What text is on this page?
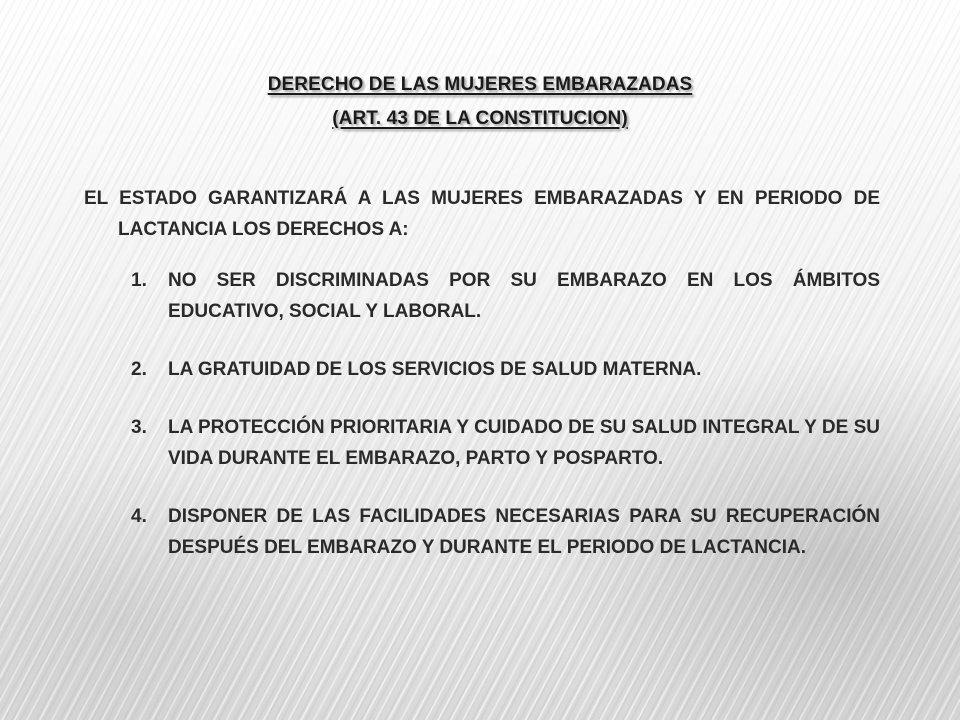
DERECHO DE LAS MUJERES EMBARAZADAS
(ART. 43 DE LA CONSTITUCION)

EL ESTADO GARANTIZARÁ A LAS MUJERES EMBARAZADAS Y EN PERIODO DE LACTANCIA LOS DERECHOS A:

1. NO SER DISCRIMINADAS POR SU EMBARAZO EN LOS ÁMBITOS EDUCATIVO, SOCIAL Y LABORAL.
2. LA GRATUIDAD DE LOS SERVICIOS DE SALUD MATERNA.
3. LA PROTECCIÓN PRIORITARIA Y CUIDADO DE SU SALUD INTEGRAL Y DE SU VIDA DURANTE EL EMBARAZO, PARTO Y POSPARTO.
4. DISPONER DE LAS FACILIDADES NECESARIAS PARA SU RECUPERACIÓN DESPUÉS DEL EMBARAZO Y DURANTE EL PERIODO DE LACTANCIA.
